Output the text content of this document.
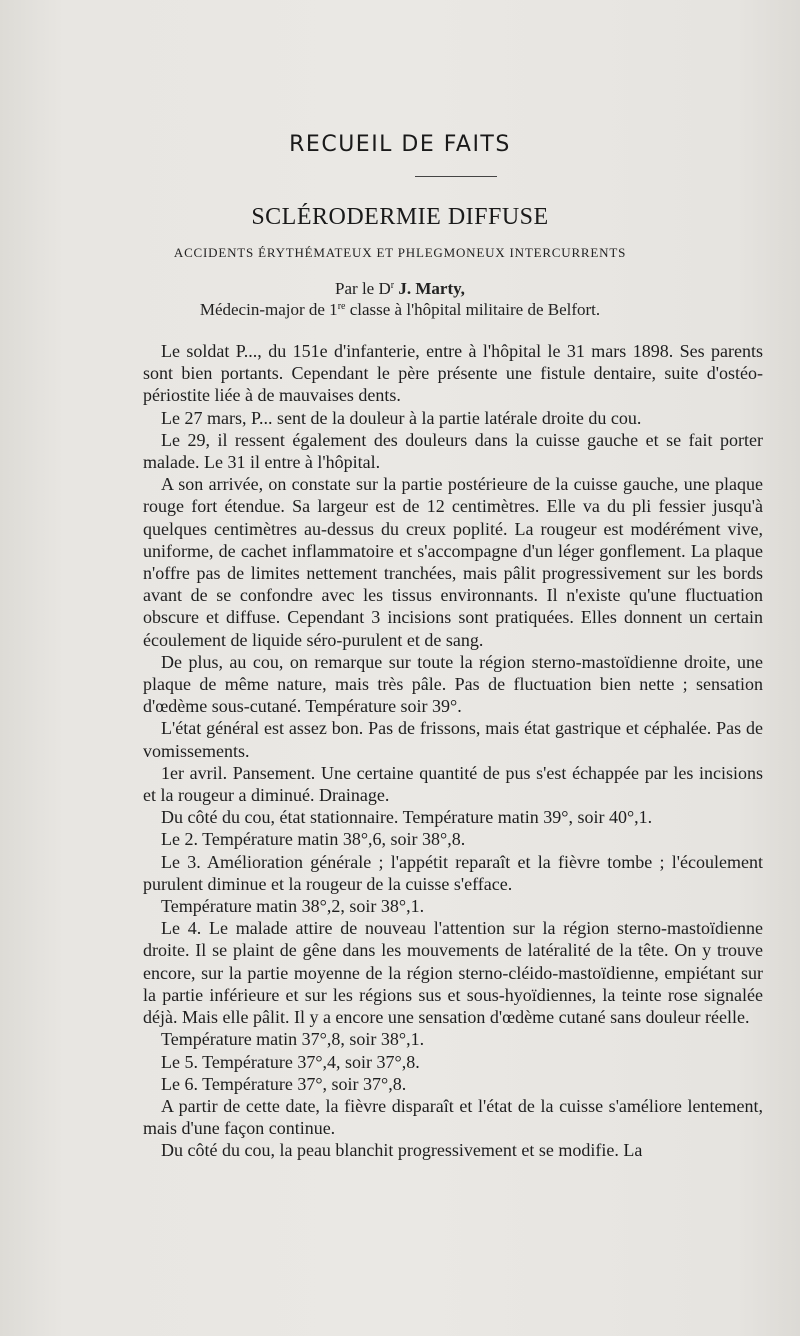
RECUEIL DE FAITS
SCLÉRODERMIE DIFFUSE
ACCIDENTS ÉRYTHÉMATEUX ET PHLEGMONEUX INTERCURRENTS
Par le $D^r$ J. Marty,
Médecin-major de 1re classe à l'hôpital militaire de Belfort.

Le soldat P..., du 151e d'infanterie, entre à l'hôpital le 31 mars 1898. Ses parents sont bien portants. Cependant le père présente une fistule dentaire, suite d'ostéo-périostite liée à de mauvaises dents.

Le 27 mars, P... sent de la douleur à la partie latérale droite du cou.

Le 29, il ressent également des douleurs dans la cuisse gauche et se fait porter malade. Le 31 il entre à l'hôpital.

A son arrivée, on constate sur la partie postérieure de la cuisse gauche, une plaque rouge fort étendue. Sa largeur est de 12 centimètres. Elle va du pli fessier jusqu'à quelques centimètres au-dessus du creux poplité. La rougeur est modérément vive, uniforme, de cachet inflammatoire et s'accompagne d'un léger gonflement. La plaque n'offre pas de limites nettement tranchées, mais pâlit progressivement sur les bords avant de se confondre avec les tissus environnants. Il n'existe qu'une fluctuation obscure et diffuse. Cependant 3 incisions sont pratiquées. Elles donnent un certain écoulement de liquide séro-purulent et de sang.

De plus, au cou, on remarque sur toute la région sterno-mastoïdienne droite, une plaque de même nature, mais très pâle. Pas de fluctuation bien nette ; sensation d'œdème sous-cutané. Température soir 39°.

L'état général est assez bon. Pas de frissons, mais état gastrique et céphalée. Pas de vomissements.

1er avril. Pansement. Une certaine quantité de pus s'est échappée par les incisions et la rougeur a diminué. Drainage.

Du côté du cou, état stationnaire. Température matin 39°, soir 40°,1.

Le 2. Température matin 38°,6, soir 38°,8.

Le 3. Amélioration générale ; l'appétit reparaît et la fièvre tombe ; l'écoulement purulent diminue et la rougeur de la cuisse s'efface.

Température matin 38°,2, soir 38°,1.

Le 4. Le malade attire de nouveau l'attention sur la région sterno-mastoïdienne droite. Il se plaint de gêne dans les mouvements de latéralité de la tête. On y trouve encore, sur la partie moyenne de la région sterno-cléido-mastoïdienne, empiétant sur la partie inférieure et sur les régions sus et sous-hyoïdiennes, la teinte rose signalée déjà. Mais elle pâlit. Il y a encore une sensation d'œdème cutané sans douleur réelle.

Température matin 37°,8, soir 38°,1.

Le 5. Température 37°,4, soir 37°,8.

Le 6. Température 37°, soir 37°,8.

A partir de cette date, la fièvre disparaît et l'état de la cuisse s'améliore lentement, mais d'une façon continue.

Du côté du cou, la peau blanchit progressivement et se modifie. La
